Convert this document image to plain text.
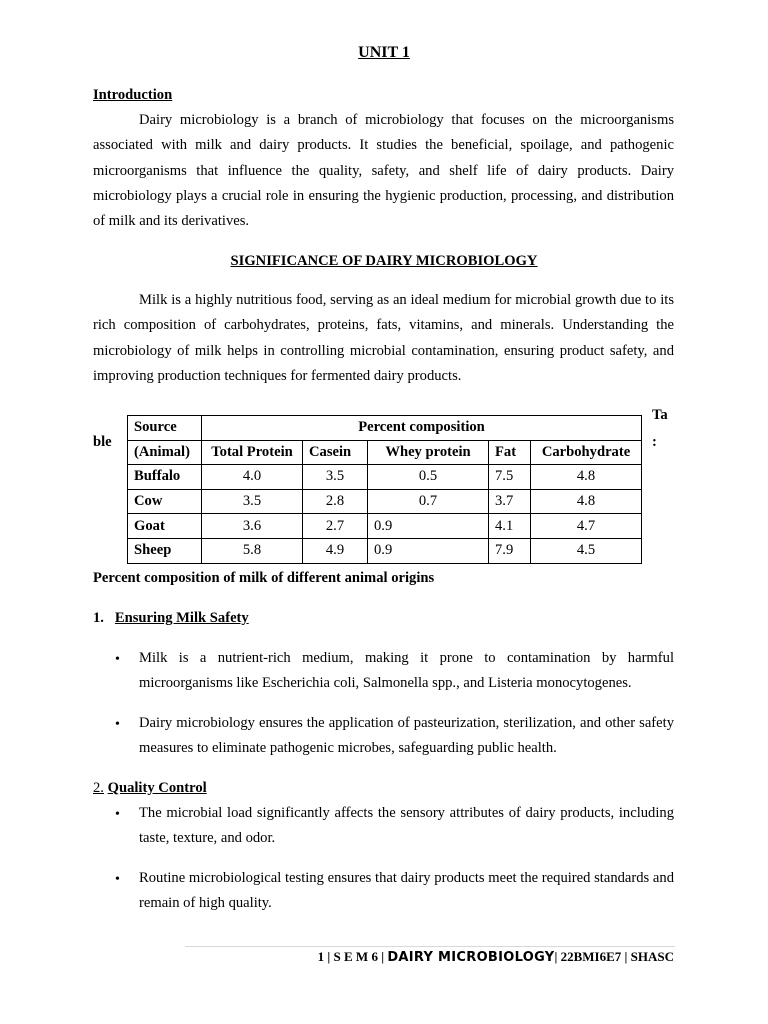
UNIT 1
Introduction

Dairy microbiology is a branch of microbiology that focuses on the microorganisms associated with milk and dairy products. It studies the beneficial, spoilage, and pathogenic microorganisms that influence the quality, safety, and shelf life of dairy products. Dairy microbiology plays a crucial role in ensuring the hygienic production, processing, and distribution of milk and its derivatives.

SIGNIFICANCE OF DAIRY MICROBIOLOGY

Milk is a highly nutritious food, serving as an ideal medium for microbial growth due to its rich composition of carbohydrates, proteins, fats, vitamins, and minerals. Understanding the microbiology of milk helps in controlling microbial contamination, ensuring product safety, and improving production techniques for fermented dairy products.

Ta
ble	:
Source	Percent composition				
(Animal)	Total Protein	Casein	Whey protein	Fat	Carbohydrate
Buffalo	4.0	3.5	0.5	7.5	4.8
Cow	3.5	2.8	0.7	3.7	4.8
Goat	3.6	2.7	0.9	4.1	4.7
Sheep	5.8	4.9	0.9	7.9	4.5
Percent composition of milk of different animal origins
1. Ensuring Milk Safety
• Milk is a nutrient-rich medium, making it prone to contamination by harmful microorganisms like Escherichia coli, Salmonella spp., and Listeria monocytogenes.

• Dairy microbiology ensures the application of pasteurization, sterilization, and other safety measures to eliminate pathogenic microbes, safeguarding public health.

2. Quality Control
• The microbial load significantly affects the sensory attributes of dairy products, including taste, texture, and odor.

• Routine microbiological testing ensures that dairy products meet the required standards and remain of high quality.

1 | S E M 6 | DAIRY MICROBIOLOGY| 22BMI6E7 | SHASC
